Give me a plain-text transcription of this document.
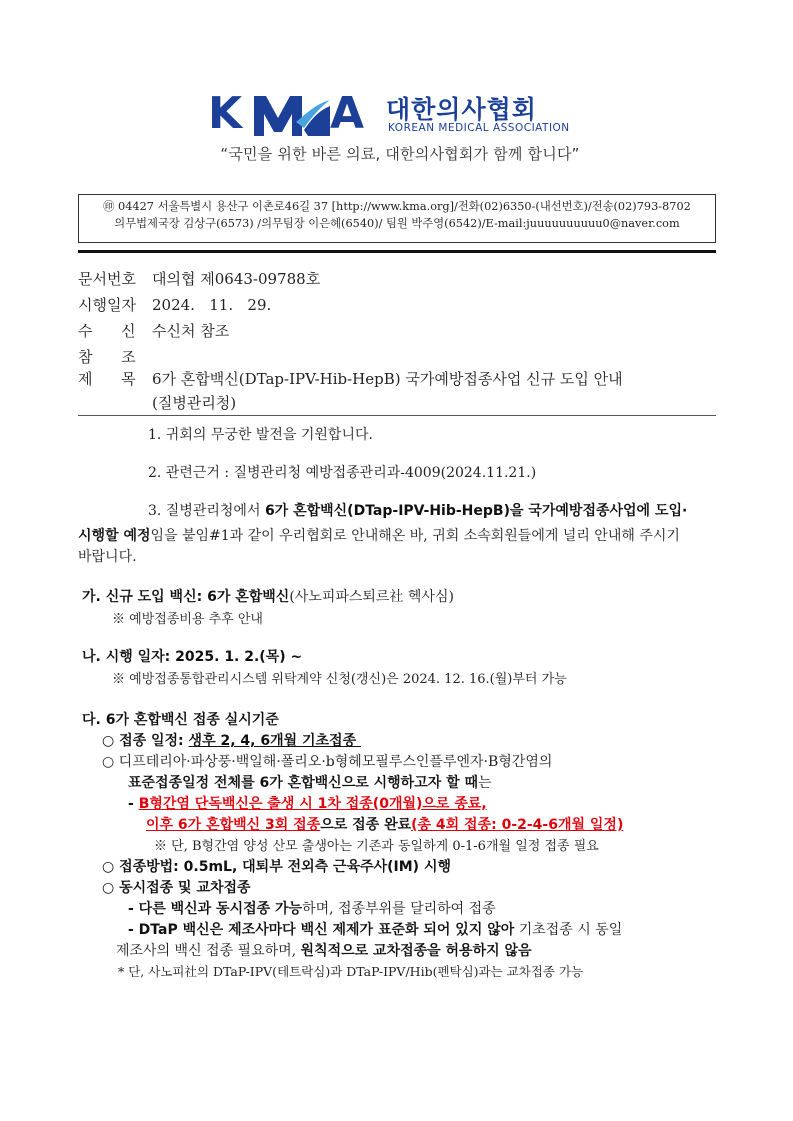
K A 대한의사협회
KOREAN MEDICAL ASSOCIATION
“국민을 위한 바른 의료, 대한의사협회가 함께 합니다”
㊞ 04427 서울특별시 용산구 이촌로46길 37 [http://www.kma.org]/전화(02)6350-(내선번호)/전송(02)793-8702
의무법제국장 김상구(6573) /의무팀장 이은혜(6540)/ 팀원 박주영(6542)/E-mail:juuuuuuuuuu0@naver.com
문서번호 대의협 제0643-09788호
시행일자 2024.   11.   29.
수      신 수신처 참조
참      조
제      목 6가 혼합백신(DTap-IPV-Hib-HepB) 국가예방접종사업 신규 도입 안내
(질병관리청)
1. 귀회의 무궁한 발전을 기원합니다.
2. 관련근거 : 질병관리청 예방접종관리과-4009(2024.11.21.)
3. 질병관리청에서 6가 혼합백신(DTap-IPV-Hib-HepB)을 국가예방접종사업에 도입·
시행할 예정임을 붙임#1과 같이 우리협회로 안내해온 바, 귀회 소속회원들에게 널리 안내해 주시기
바랍니다.
가. 신규 도입 백신: 6가 혼합백신(사노피파스퇴르社 헥사심)
※ 예방접종비용 추후 안내
나. 시행 일자: 2025. 1. 2.(목) ~
※ 예방접종통합관리시스템 위탁계약 신청(갱신)은 2024. 12. 16.(월)부터 가능
다. 6가 혼합백신 접종 실시기준
○ 접종 일정: 생후 2, 4, 6개월 기초접종
○ 디프테리아·파상풍·백일해·폴리오·b형헤모필루스인플루엔자·B형간염의
표준접종일정 전체를 6가 혼합백신으로 시행하고자 할 때는
- B형간염 단독백신은 출생 시 1차 접종(0개월)으로 종료,
이후 6가 혼합백신 3회 접종으로 접종 완료(총 4회 접종: 0-2-4-6개월 일정)
※ 단, B형간염 양성 산모 출생아는 기존과 동일하게 0-1-6개월 일정 접종 필요
○ 접종방법: 0.5mL, 대퇴부 전외측 근육주사(IM) 시행
○ 동시접종 및 교차접종
- 다른 백신과 동시접종 가능하며, 접종부위를 달리하여 접종
- DTaP 백신은 제조사마다 백신 제제가 표준화 되어 있지 않아 기초접종 시 동일
제조사의 백신 접종 필요하며, 원칙적으로 교차접종을 허용하지 않음
* 단, 사노피社의 DTaP-IPV(테트락심)과 DTaP-IPV/Hib(펜탁심)과는 교차접종 가능
